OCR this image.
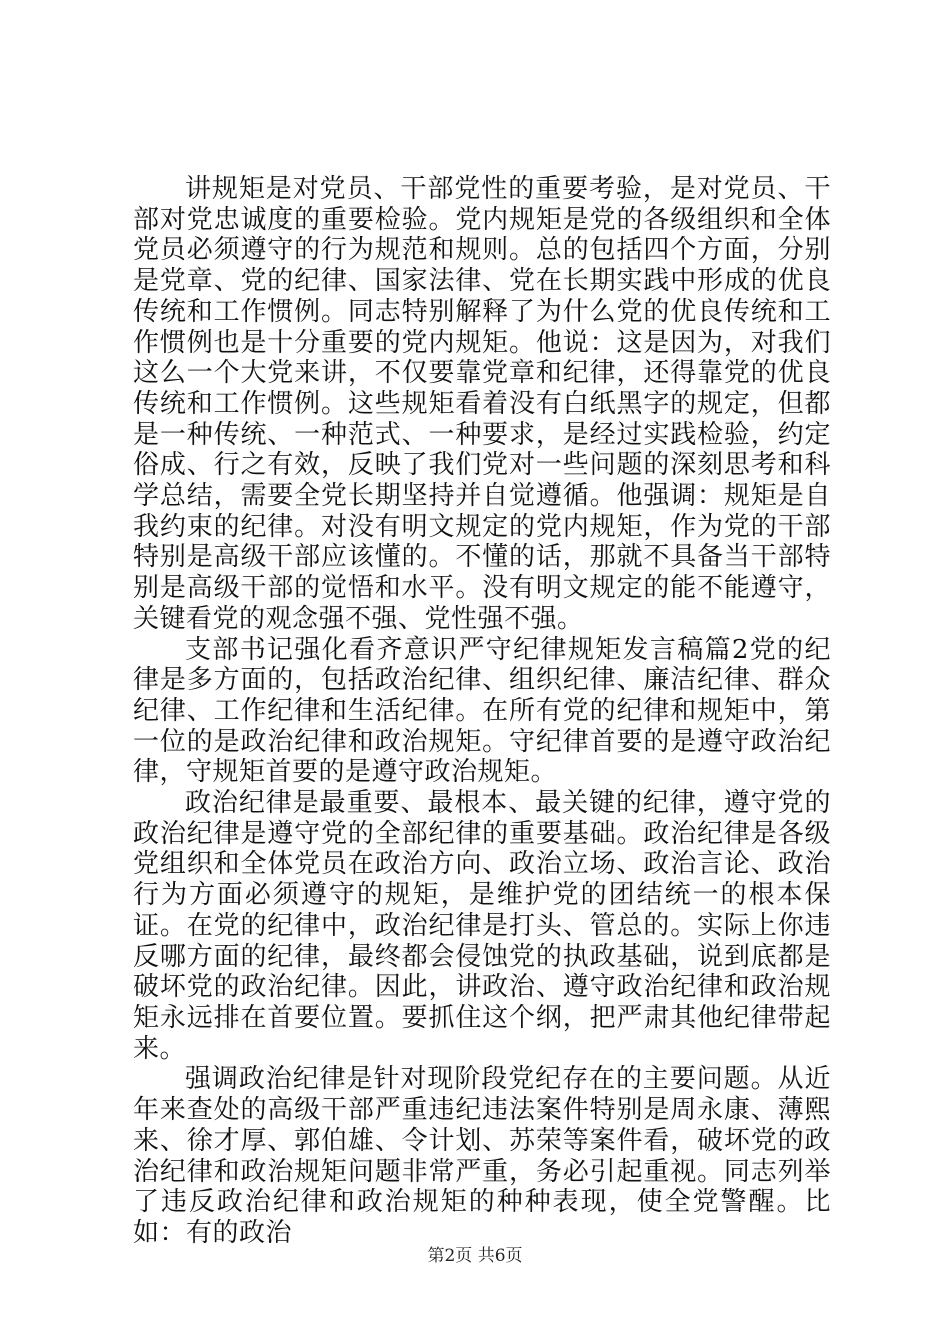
讲规矩是对党员、干部党性的重要考验，是对党员、干部对党忠诚度的重要检验。党内规矩是党的各级组织和全体党员必须遵守的行为规范和规则。总的包括四个方面，分别是党章、党的纪律、国家法律、党在长期实践中形成的优良传统和工作惯例。同志特别解释了为什么党的优良传统和工作惯例也是十分重要的党内规矩。他说：这是因为，对我们这么一个大党来讲，不仅要靠党章和纪律，还得靠党的优良传统和工作惯例。这些规矩看着没有白纸黑字的规定，但都是一种传统、一种范式、一种要求，是经过实践检验，约定俗成、行之有效，反映了我们党对一些问题的深刻思考和科学总结，需要全党长期坚持并自觉遵循。他强调：规矩是自我约束的纪律。对没有明文规定的党内规矩，作为党的干部特别是高级干部应该懂的。不懂的话，那就不具备当干部特别是高级干部的觉悟和水平。没有明文规定的能不能遵守，关键看党的观念强不强、党性强不强。

支部书记强化看齐意识严守纪律规矩发言稿篇2党的纪律是多方面的，包括政治纪律、组织纪律、廉洁纪律、群众纪律、工作纪律和生活纪律。在所有党的纪律和规矩中，第一位的是政治纪律和政治规矩。守纪律首要的是遵守政治纪律，守规矩首要的是遵守政治规矩。

政治纪律是最重要、最根本、最关键的纪律，遵守党的政治纪律是遵守党的全部纪律的重要基础。政治纪律是各级党组织和全体党员在政治方向、政治立场、政治言论、政治行为方面必须遵守的规矩，是维护党的团结统一的根本保证。在党的纪律中，政治纪律是打头、管总的。实际上你违反哪方面的纪律，最终都会侵蚀党的执政基础，说到底都是破坏党的政治纪律。因此，讲政治、遵守政治纪律和政治规矩永远排在首要位置。要抓住这个纲，把严肃其他纪律带起来。

强调政治纪律是针对现阶段党纪存在的主要问题。从近年来查处的高级干部严重违纪违法案件特别是周永康、薄熙来、徐才厚、郭伯雄、令计划、苏荣等案件看，破坏党的政治纪律和政治规矩问题非常严重，务必引起重视。同志列举了违反政治纪律和政治规矩的种种表现，使全党警醒。比如：有的政治

第2页 共6页
